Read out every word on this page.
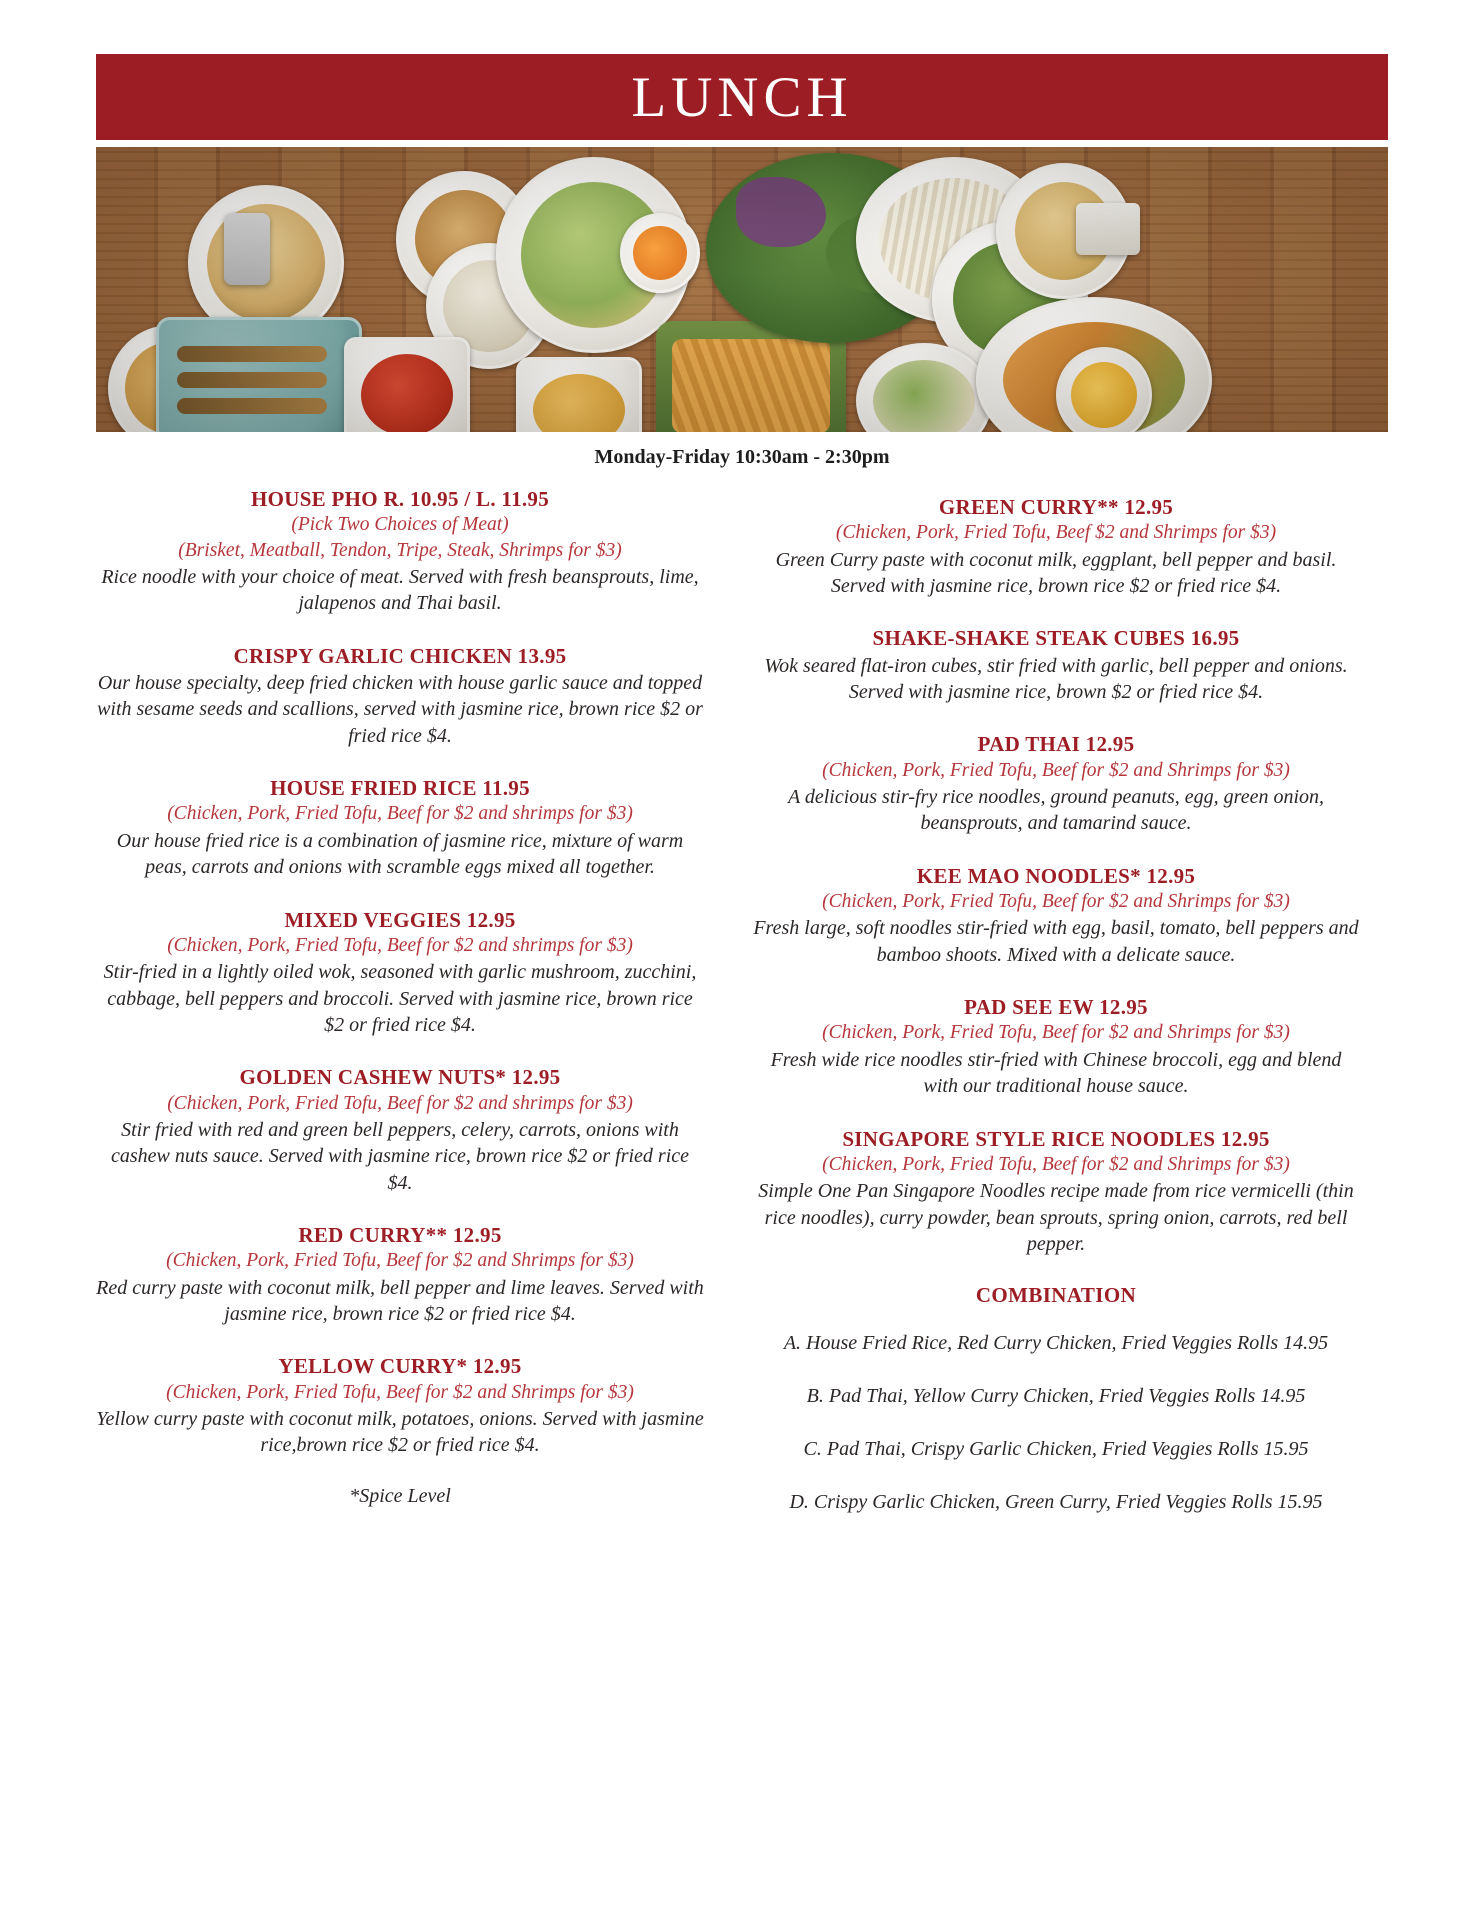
LUNCH
Monday-Friday 10:30am - 2:30pm
HOUSE PHO R. 10.95 / L. 11.95
(Pick Two Choices of Meat)
(Brisket, Meatball, Tendon, Tripe, Steak, Shrimps for $3)
Rice noodle with your choice of meat. Served with fresh beansprouts, lime, jalapenos and Thai basil.
CRISPY GARLIC CHICKEN 13.95
Our house specialty, deep fried chicken with house garlic sauce and topped with sesame seeds and scallions, served with jasmine rice, brown rice $2 or fried rice $4.
HOUSE FRIED RICE 11.95
(Chicken, Pork, Fried Tofu, Beef for $2 and shrimps for $3)
Our house fried rice is a combination of jasmine rice, mixture of warm peas, carrots and onions with scramble eggs mixed all together.
MIXED VEGGIES 12.95
(Chicken, Pork, Fried Tofu, Beef for $2 and shrimps for $3)
Stir-fried in a lightly oiled wok, seasoned with garlic mushroom, zucchini, cabbage, bell peppers and broccoli. Served with jasmine rice, brown rice $2 or fried rice $4.
GOLDEN CASHEW NUTS* 12.95
(Chicken, Pork, Fried Tofu, Beef for $2 and shrimps for $3)
Stir fried with red and green bell peppers, celery, carrots, onions with cashew nuts sauce. Served with jasmine rice, brown rice $2 or fried rice $4.
RED CURRY** 12.95
(Chicken, Pork, Fried Tofu, Beef for $2 and Shrimps for $3)
Red curry paste with coconut milk, bell pepper and lime leaves. Served with jasmine rice, brown rice $2 or fried rice $4.
YELLOW CURRY* 12.95
(Chicken, Pork, Fried Tofu, Beef for $2 and Shrimps for $3)
Yellow curry paste with coconut milk, potatoes, onions. Served with jasmine rice,brown rice $2 or fried rice $4.
*Spice Level
GREEN CURRY** 12.95
(Chicken, Pork, Fried Tofu, Beef $2 and Shrimps for $3)
Green Curry paste with coconut milk, eggplant, bell pepper and basil. Served with jasmine rice, brown rice $2 or fried rice $4.
SHAKE-SHAKE STEAK CUBES 16.95
Wok seared flat-iron cubes, stir fried with garlic, bell pepper and onions. Served with jasmine rice, brown $2 or fried rice $4.
PAD THAI 12.95
(Chicken, Pork, Fried Tofu, Beef for $2 and Shrimps for $3)
A delicious stir-fry rice noodles, ground peanuts, egg, green onion, beansprouts, and tamarind sauce.
KEE MAO NOODLES* 12.95
(Chicken, Pork, Fried Tofu, Beef for $2 and Shrimps for $3)
Fresh large, soft noodles stir-fried with egg, basil, tomato, bell peppers and bamboo shoots. Mixed with a delicate sauce.
PAD SEE EW 12.95
(Chicken, Pork, Fried Tofu, Beef for $2 and Shrimps for $3)
Fresh wide rice noodles stir-fried with Chinese broccoli, egg and blend with our traditional house sauce.
SINGAPORE STYLE RICE NOODLES 12.95
(Chicken, Pork, Fried Tofu, Beef for $2 and Shrimps for $3)
Simple One Pan Singapore Noodles recipe made from rice vermicelli (thin rice noodles), curry powder, bean sprouts, spring onion, carrots, red bell pepper.
COMBINATION
A. House Fried Rice, Red Curry Chicken, Fried Veggies Rolls 14.95
B. Pad Thai, Yellow Curry Chicken, Fried Veggies Rolls 14.95
C. Pad Thai, Crispy Garlic Chicken, Fried Veggies Rolls 15.95
D. Crispy Garlic Chicken, Green Curry, Fried Veggies Rolls 15.95
